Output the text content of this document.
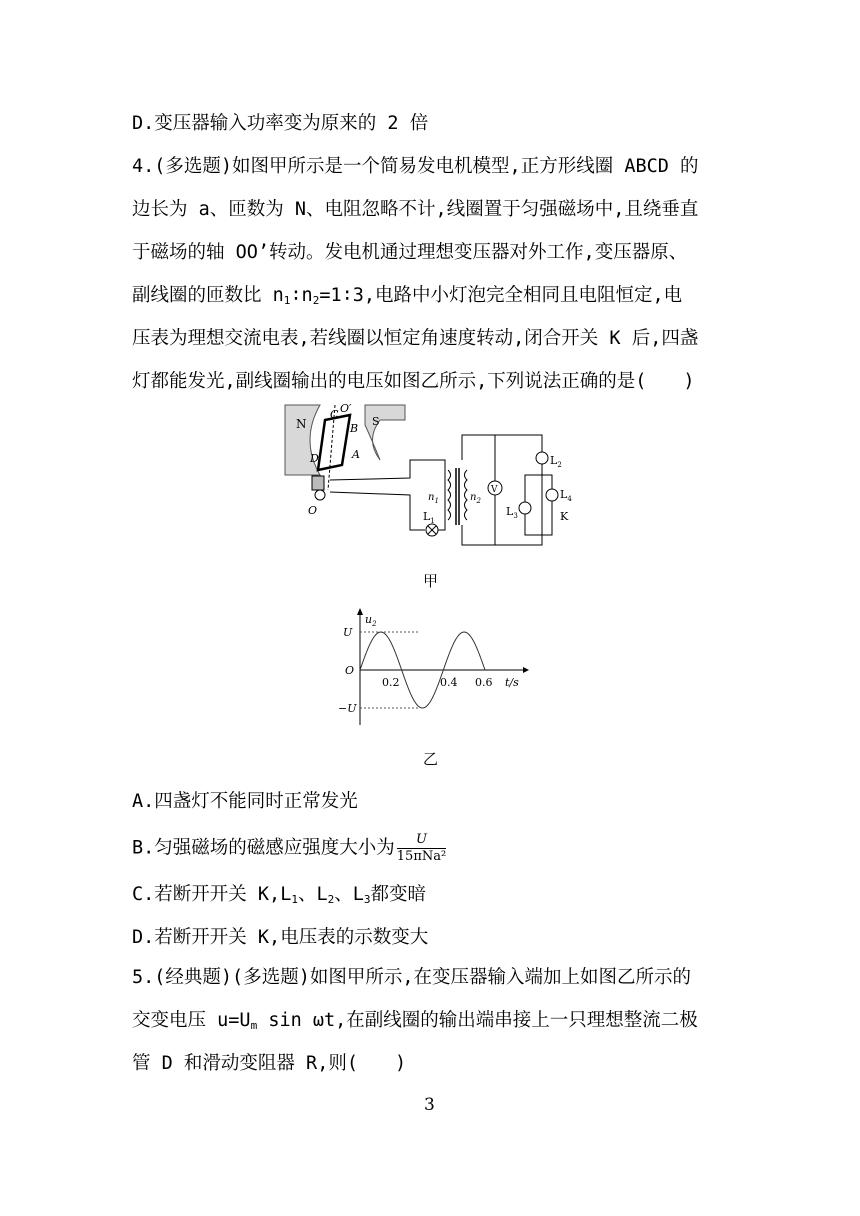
D.变压器输入功率变为原来的 2 倍
4.(多选题)如图甲所示是一个简易发电机模型,正方形线圈 ABCD 的
边长为 a、匝数为 N、电阻忽略不计,线圈置于匀强磁场中,且绕垂直
于磁场的轴 OO’转动。发电机通过理想变压器对外工作,变压器原、
副线圈的匝数比 $n_1∶n_2=1∶3$,电路中小灯泡完全相同且电阻恒定,电
压表为理想交流电表,若线圈以恒定角速度转动,闭合开关 K 后,四盏
灯都能发光,副线圈输出的电压如图乙所示,下列说法正确的是(　　)
N	S
C O′
B
A
D
O	$L_1$
$n_1$	$n_2$
V
$L_2$
$L_3$
$L_4$
K
甲
$u_2$
U
−U
O
0.2	0.4 0.6 t/s
乙
A.四盏灯不能同时正常发光
B.匀强磁场的磁感应强度大小为 $\frac{U}{\text{15πNa²}}$
C.若断开开关 $K,L_1$、$L_2$、$L_3$都变暗
D.若断开开关 K,电压表的示数变大
5.(经典题)(多选题)如图甲所示,在变压器输入端加上如图乙所示的
交变电压 $u=U_m$ sin ωt,在副线圈的输出端串接上一只理想整流二极
管 D 和滑动变阻器 R,则(　　)
3
